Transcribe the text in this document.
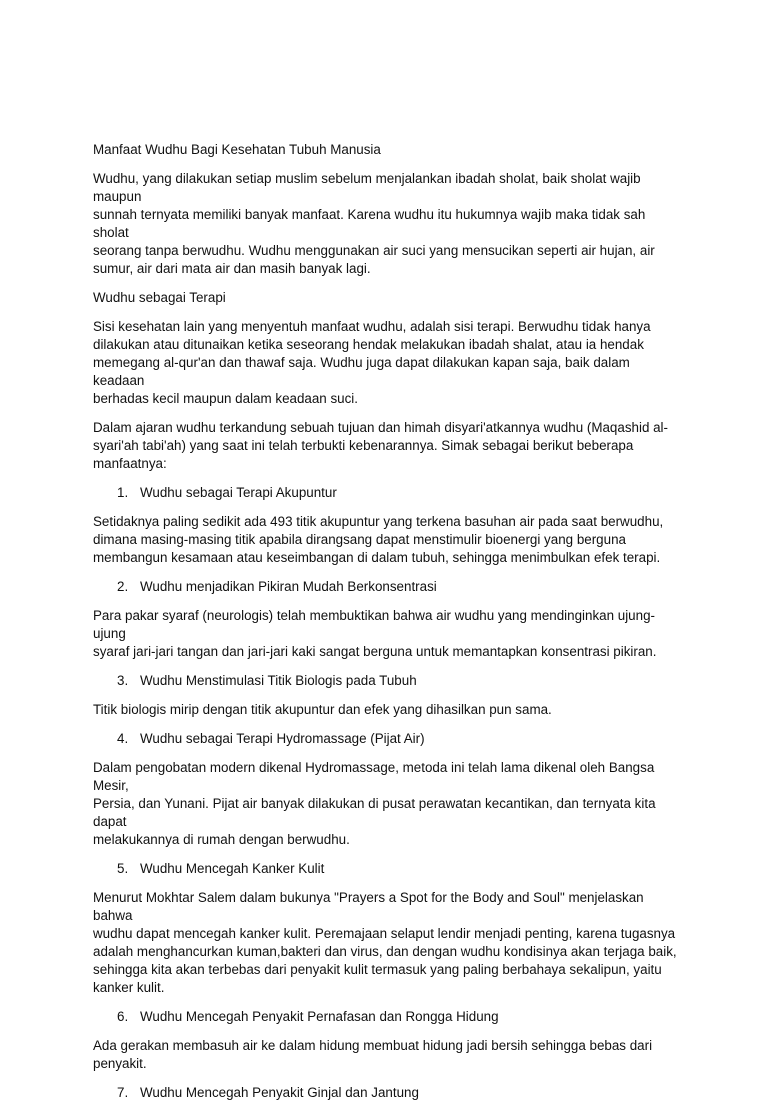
Manfaat Wudhu Bagi Kesehatan Tubuh Manusia
Wudhu, yang dilakukan setiap muslim sebelum menjalankan ibadah sholat, baik sholat wajib maupun
sunnah ternyata memiliki banyak manfaat. Karena wudhu itu hukumnya wajib maka tidak sah sholat
seorang tanpa berwudhu. Wudhu menggunakan air suci yang mensucikan seperti air hujan, air
sumur, air dari mata air dan masih banyak lagi.
Wudhu sebagai Terapi
Sisi kesehatan lain yang menyentuh manfaat wudhu, adalah sisi terapi. Berwudhu tidak hanya
dilakukan atau ditunaikan ketika seseorang hendak melakukan ibadah shalat, atau ia hendak
memegang al-qur'an dan thawaf saja. Wudhu juga dapat dilakukan kapan saja, baik dalam keadaan
berhadas kecil maupun dalam keadaan suci.
Dalam ajaran wudhu terkandung sebuah tujuan dan himah disyari'atkannya wudhu (Maqashid al-
syari'ah tabi'ah) yang saat ini telah terbukti kebenarannya. Simak sebagai berikut beberapa
manfaatnya:
1. Wudhu sebagai Terapi Akupuntur
Setidaknya paling sedikit ada 493 titik akupuntur yang terkena basuhan air pada saat berwudhu,
dimana masing-masing titik apabila dirangsang dapat menstimulir bioenergi yang berguna
membangun kesamaan atau keseimbangan di dalam tubuh, sehingga menimbulkan efek terapi.
2. Wudhu menjadikan Pikiran Mudah Berkonsentrasi
Para pakar syaraf (neurologis) telah membuktikan bahwa air wudhu yang mendinginkan ujung-ujung
syaraf jari-jari tangan dan jari-jari kaki sangat berguna untuk memantapkan konsentrasi pikiran.
3. Wudhu Menstimulasi Titik Biologis pada Tubuh
Titik biologis mirip dengan titik akupuntur dan efek yang dihasilkan pun sama.
4. Wudhu sebagai Terapi Hydromassage (Pijat Air)
Dalam pengobatan modern dikenal Hydromassage, metoda ini telah lama dikenal oleh Bangsa Mesir,
Persia, dan Yunani. Pijat air banyak dilakukan di pusat perawatan kecantikan, dan ternyata kita dapat
melakukannya di rumah dengan berwudhu.
5. Wudhu Mencegah Kanker Kulit
Menurut Mokhtar Salem dalam bukunya "Prayers a Spot for the Body and Soul" menjelaskan bahwa
wudhu dapat mencegah kanker kulit. Peremajaan selaput lendir menjadi penting, karena tugasnya
adalah menghancurkan kuman,bakteri dan virus, dan dengan wudhu kondisinya akan terjaga baik,
sehingga kita akan terbebas dari penyakit kulit termasuk yang paling berbahaya sekalipun, yaitu
kanker kulit.
6. Wudhu Mencegah Penyakit Pernafasan dan Rongga Hidung
Ada gerakan membasuh air ke dalam hidung membuat hidung jadi bersih sehingga bebas dari
penyakit.
7. Wudhu Mencegah Penyakit Ginjal dan Jantung
